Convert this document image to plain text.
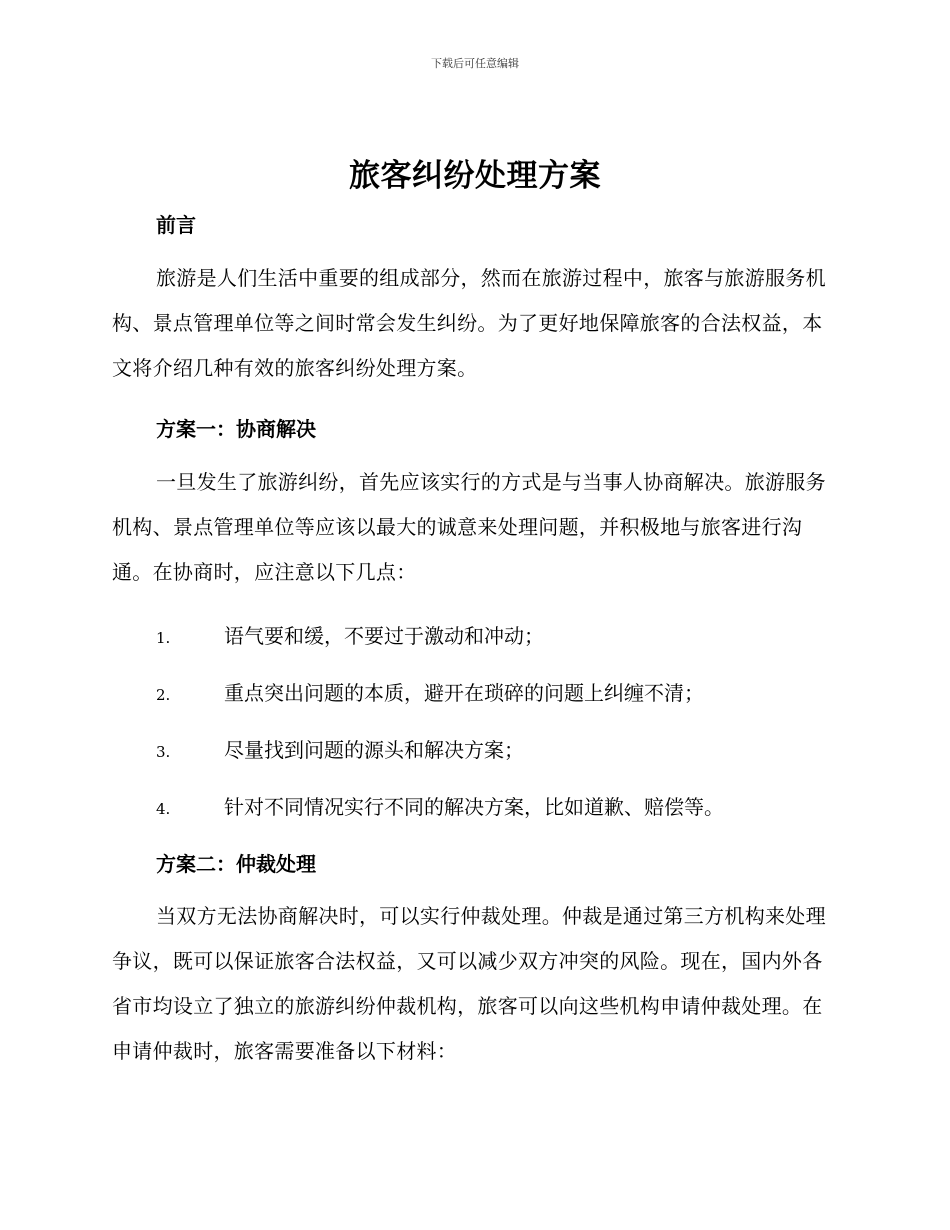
下载后可任意编辑
旅客纠纷处理方案
前言

旅游是人们生活中重要的组成部分，然而在旅游过程中，旅客与旅游服务机构、景点管理单位等之间时常会发生纠纷。为了更好地保障旅客的合法权益，本文将介绍几种有效的旅客纠纷处理方案。

方案一：协商解决

一旦发生了旅游纠纷，首先应该实行的方式是与当事人协商解决。旅游服务机构、景点管理单位等应该以最大的诚意来处理问题，并积极地与旅客进行沟通。在协商时，应注意以下几点：

1.	语气要和缓，不要过于激动和冲动；
2.	重点突出问题的本质，避开在琐碎的问题上纠缠不清；
3.	尽量找到问题的源头和解决方案；
4.	针对不同情况实行不同的解决方案，比如道歉、赔偿等。
方案二：仲裁处理

当双方无法协商解决时，可以实行仲裁处理。仲裁是通过第三方机构来处理争议，既可以保证旅客合法权益，又可以减少双方冲突的风险。现在，国内外各省市均设立了独立的旅游纠纷仲裁机构，旅客可以向这些机构申请仲裁处理。在申请仲裁时，旅客需要准备以下材料：
